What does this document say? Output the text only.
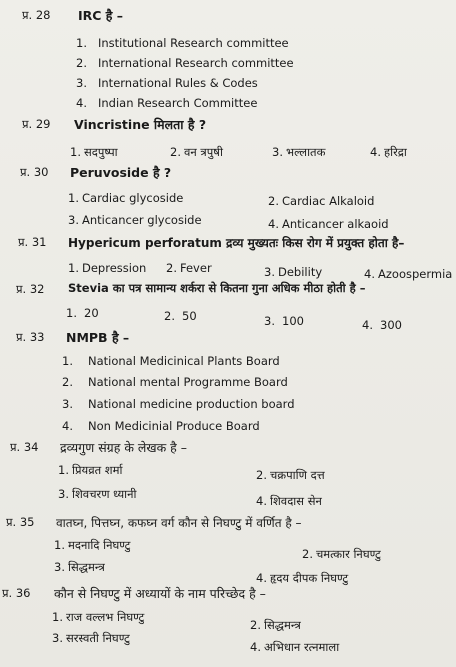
प्र. 28	IRC है –
1. Institutional Research committee
2. International Research committee
3. International Rules & Codes
4. Indian Research Committee
प्र. 29	Vincristine मिलता है ?
1. सदपुष्पा	2. वन त्रपुषी	3. भल्लातक	4. हरिद्रा
प्र. 30	Peruvoside है ?
1. Cardiac glycoside	2. Cardiac Alkaloid
3. Anticancer glycoside	4. Anticancer alkaoid
प्र. 31	Hypericum perforatum द्रव्य मुख्यतः किस रोग में प्रयुक्त होता है–
1. Depression 2. Fever	3. Debility	4. Azoospermia
प्र. 32	Stevia का पत्र सामान्य शर्करा से कितना गुना अधिक मीठा होती है –
1. 20	2. 50	3. 100	4. 300
प्र. 33	NMPB है –
1. National Medicinical Plants Board
2. National mental Programme Board
3. National medicine production board
4. Non Medicinial Produce Board
प्र. 34	द्रव्यगुण संग्रह के लेखक है –
1. प्रियव्रत शर्मा	2. चक्रपाणि दत्त
3. शिवचरण ध्यानी	4. शिवदास सेन
प्र. 35	वातघ्न, पित्तघ्न, कफघ्न वर्ग कौन से निघण्टु में वर्णित है –
1. मदनादि निघण्टु
2. चमत्कार निघण्टु
3. सिद्धमन्त्र
4. हृदय दीपक निघण्टु
प्र. 36	कौन से निघण्टु में अध्यायों के नाम परिच्छेद है –
1. राज वल्लभ निघण्टु
2. सिद्धमन्त्र
3. सरस्वती निघण्टु
4. अभिधान रत्नमाला
